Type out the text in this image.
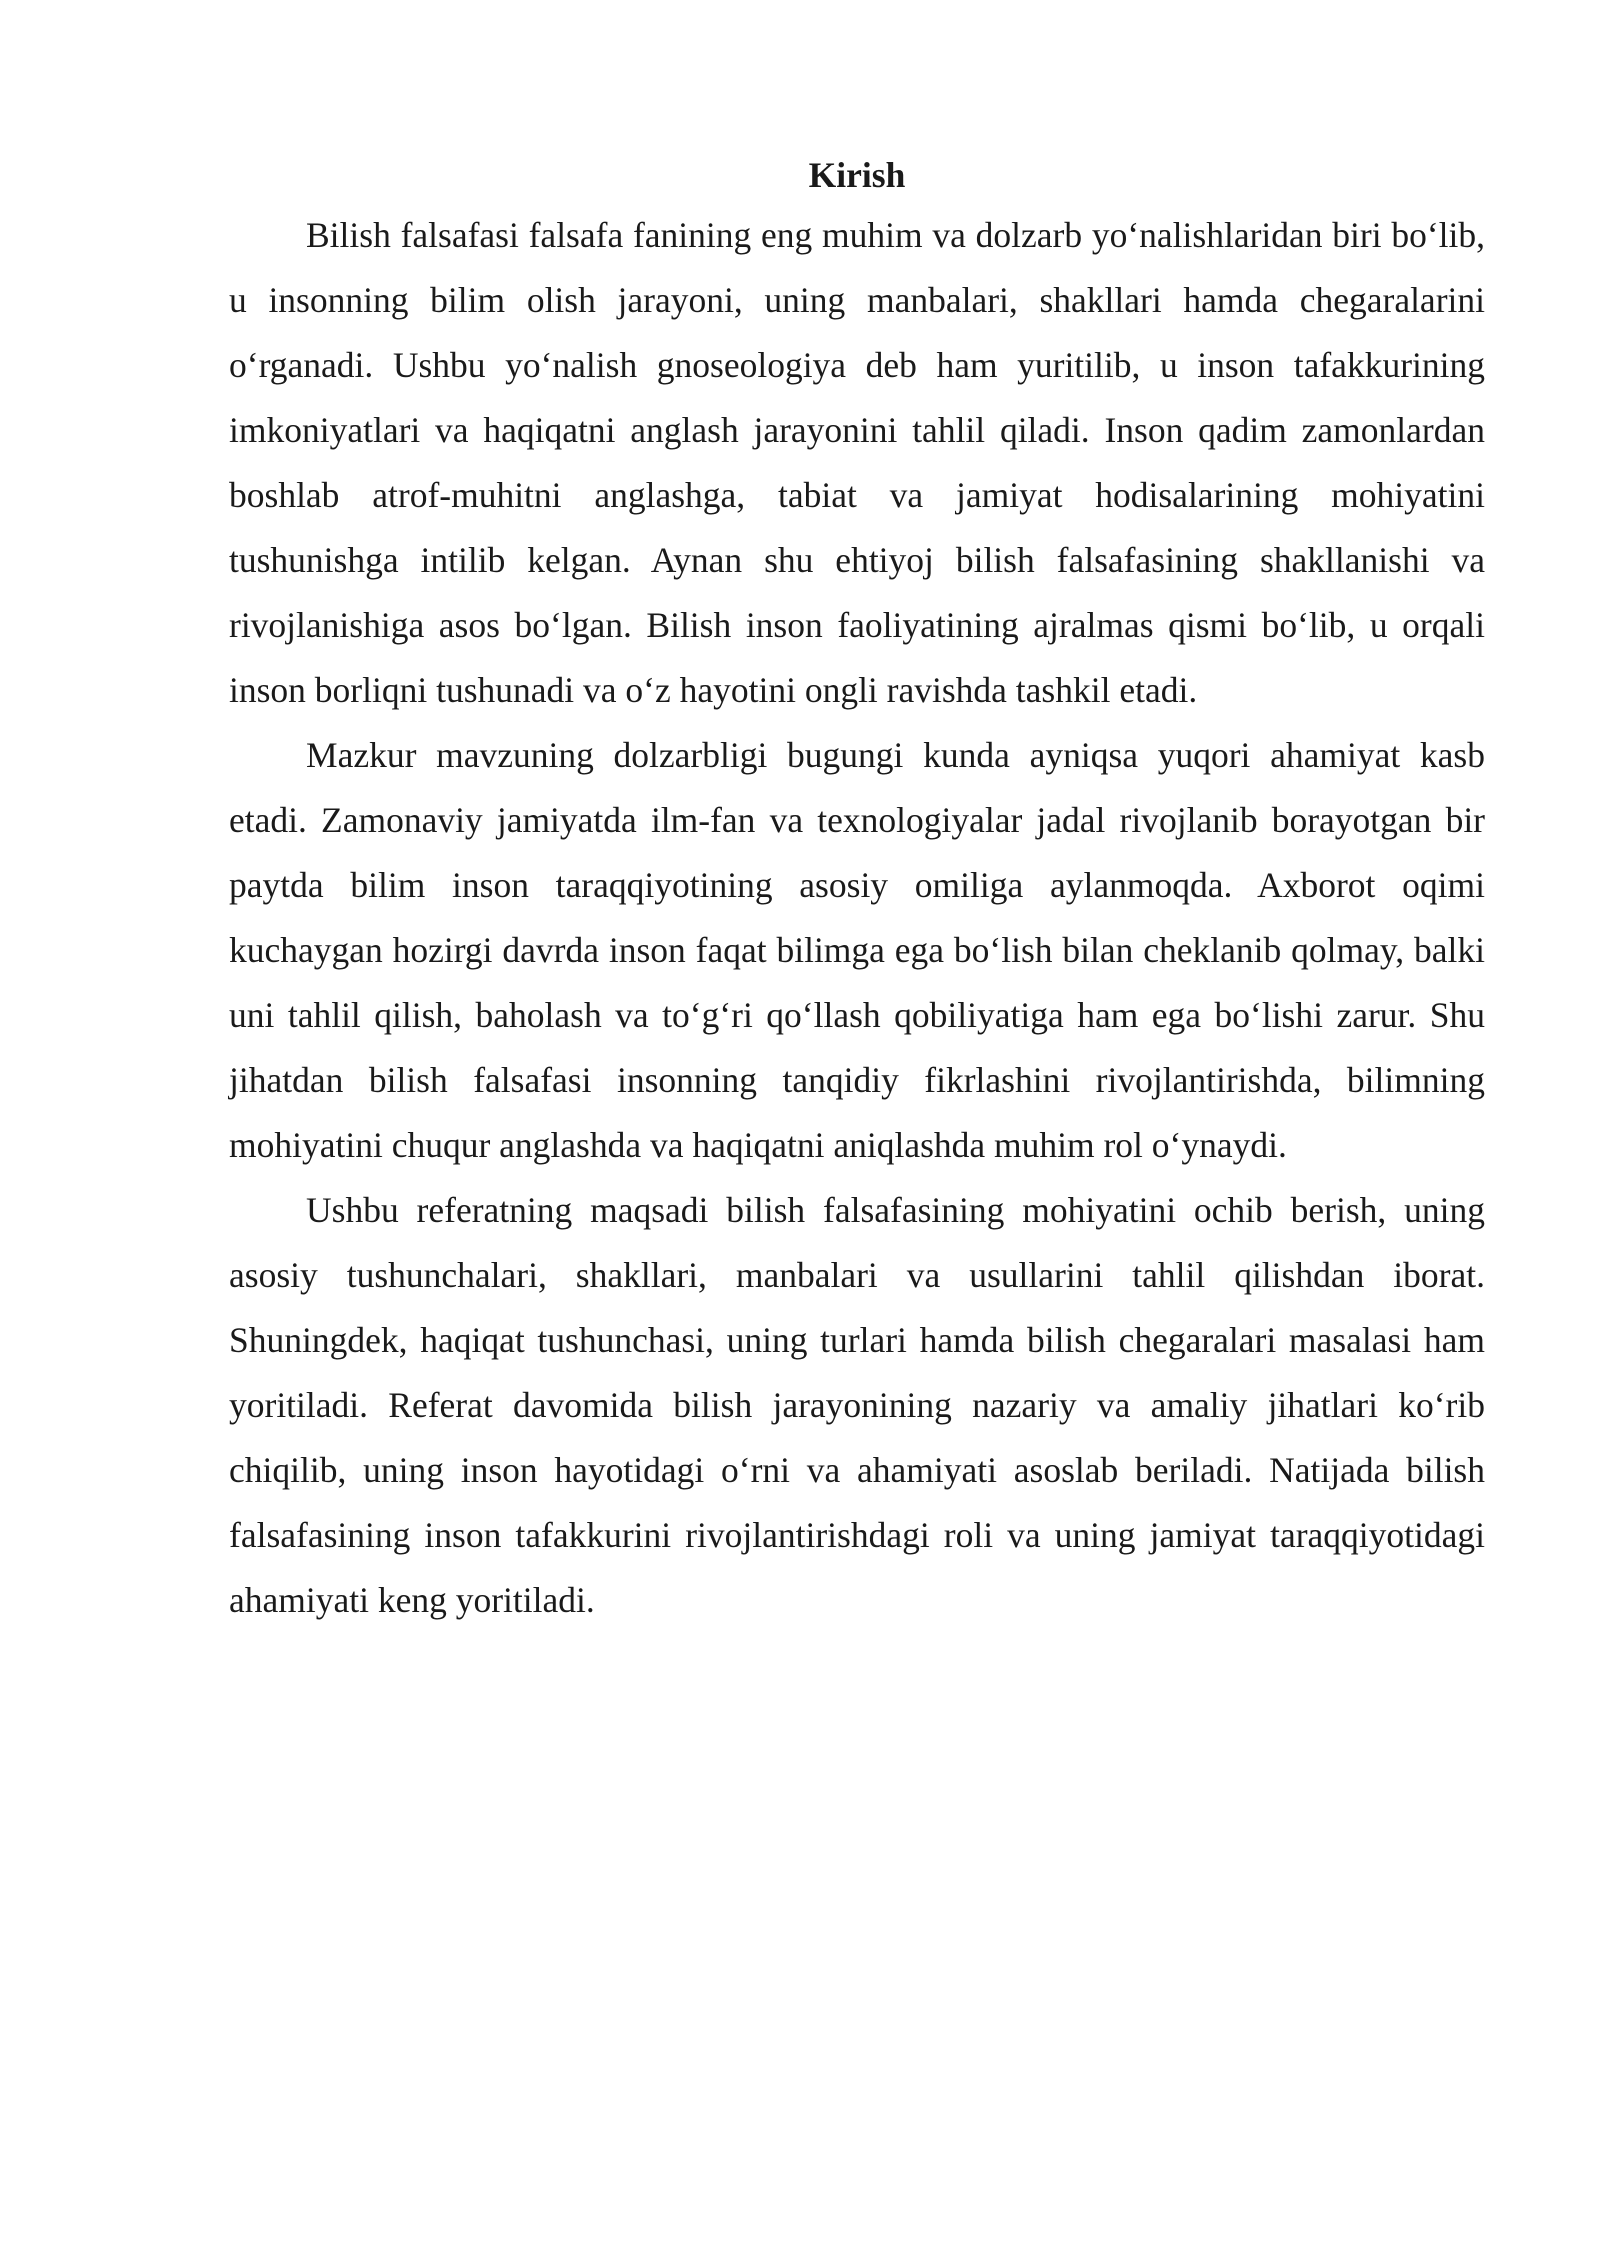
Kirish

Bilish falsafasi falsafa fanining eng muhim va dolzarb yo‘nalishlaridan biri bo‘lib, u insonning bilim olish jarayoni, uning manbalari, shakllari hamda chegaralarini o‘rganadi. Ushbu yo‘nalish gnoseologiya deb ham yuritilib, u inson tafakkurining imkoniyatlari va haqiqatni anglash jarayonini tahlil qiladi. Inson qadim zamonlardan boshlab atrof-muhitni anglashga, tabiat va jamiyat hodisalarining mohiyatini tushunishga intilib kelgan. Aynan shu ehtiyoj bilish falsafasining shakllanishi va rivojlanishiga asos bo‘lgan. Bilish inson faoliyatining ajralmas qismi bo‘lib, u orqali inson borliqni tushunadi va o‘z hayotini ongli ravishda tashkil etadi.

Mazkur mavzuning dolzarbligi bugungi kunda ayniqsa yuqori ahamiyat kasb etadi. Zamonaviy jamiyatda ilm-fan va texnologiyalar jadal rivojlanib borayotgan bir paytda bilim inson taraqqiyotining asosiy omiliga aylanmoqda. Axborot oqimi kuchaygan hozirgi davrda inson faqat bilimga ega bo‘lish bilan cheklanib qolmay, balki uni tahlil qilish, baholash va to‘g‘ri qo‘llash qobiliyatiga ham ega bo‘lishi zarur. Shu jihatdan bilish falsafasi insonning tanqidiy fikrlashini rivojlantirishda, bilimning mohiyatini chuqur anglashda va haqiqatni aniqlashda muhim rol o‘ynaydi.

Ushbu referatning maqsadi bilish falsafasining mohiyatini ochib berish, uning asosiy tushunchalari, shakllari, manbalari va usullarini tahlil qilishdan iborat. Shuningdek, haqiqat tushunchasi, uning turlari hamda bilish chegaralari masalasi ham yoritiladi. Referat davomida bilish jarayonining nazariy va amaliy jihatlari ko‘rib chiqilib, uning inson hayotidagi o‘rni va ahamiyati asoslab beriladi. Natijada bilish falsafasining inson tafakkurini rivojlantirishdagi roli va uning jamiyat taraqqiyotidagi ahamiyati keng yoritiladi.
